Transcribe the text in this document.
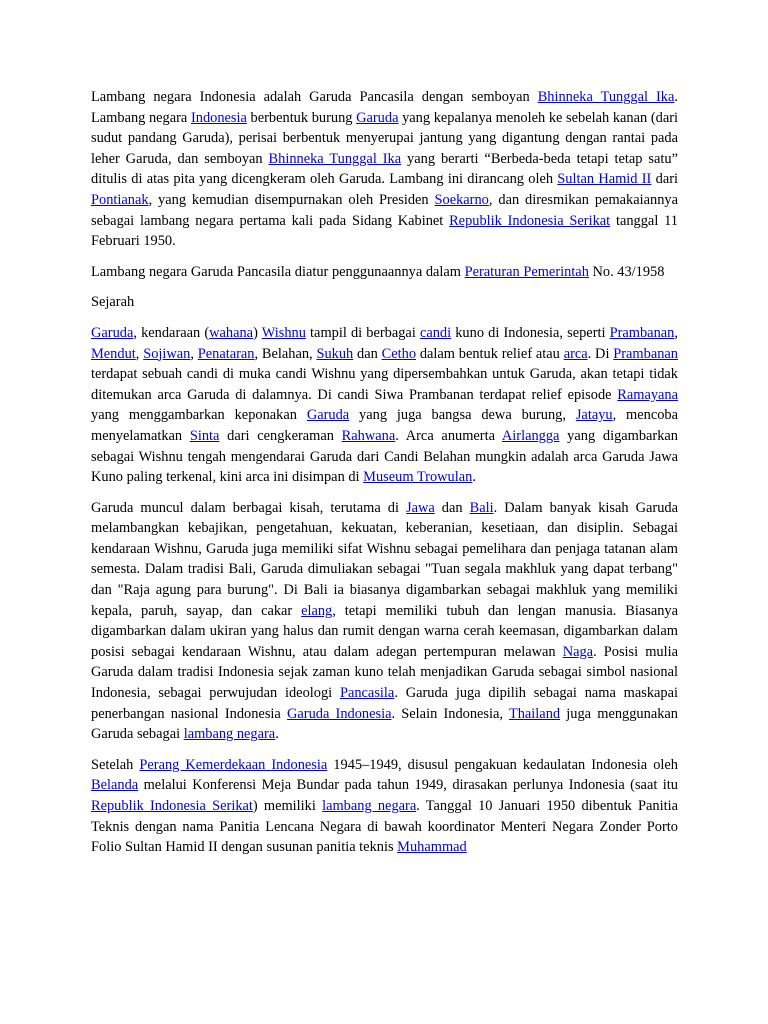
Lambang negara Indonesia adalah Garuda Pancasila dengan semboyan Bhinneka Tunggal Ika. Lambang negara Indonesia berbentuk burung Garuda yang kepalanya menoleh ke sebelah kanan (dari sudut pandang Garuda), perisai berbentuk menyerupai jantung yang digantung dengan rantai pada leher Garuda, dan semboyan Bhinneka Tunggal Ika yang berarti “Berbeda-beda tetapi tetap satu” ditulis di atas pita yang dicengkeram oleh Garuda. Lambang ini dirancang oleh Sultan Hamid II dari Pontianak, yang kemudian disempurnakan oleh Presiden Soekarno, dan diresmikan pemakaiannya sebagai lambang negara pertama kali pada Sidang Kabinet Republik Indonesia Serikat tanggal 11 Februari 1950.

Lambang negara Garuda Pancasila diatur penggunaannya dalam Peraturan Pemerintah No. 43/1958

Sejarah

Garuda, kendaraan (wahana) Wishnu tampil di berbagai candi kuno di Indonesia, seperti Prambanan, Mendut, Sojiwan, Penataran, Belahan, Sukuh dan Cetho dalam bentuk relief atau arca. Di Prambanan terdapat sebuah candi di muka candi Wishnu yang dipersembahkan untuk Garuda, akan tetapi tidak ditemukan arca Garuda di dalamnya. Di candi Siwa Prambanan terdapat relief episode Ramayana yang menggambarkan keponakan Garuda yang juga bangsa dewa burung, Jatayu, mencoba menyelamatkan Sinta dari cengkeraman Rahwana. Arca anumerta Airlangga yang digambarkan sebagai Wishnu tengah mengendarai Garuda dari Candi Belahan mungkin adalah arca Garuda Jawa Kuno paling terkenal, kini arca ini disimpan di Museum Trowulan.

Garuda muncul dalam berbagai kisah, terutama di Jawa dan Bali. Dalam banyak kisah Garuda melambangkan kebajikan, pengetahuan, kekuatan, keberanian, kesetiaan, dan disiplin. Sebagai kendaraan Wishnu, Garuda juga memiliki sifat Wishnu sebagai pemelihara dan penjaga tatanan alam semesta. Dalam tradisi Bali, Garuda dimuliakan sebagai "Tuan segala makhluk yang dapat terbang" dan "Raja agung para burung". Di Bali ia biasanya digambarkan sebagai makhluk yang memiliki kepala, paruh, sayap, dan cakar elang, tetapi memiliki tubuh dan lengan manusia. Biasanya digambarkan dalam ukiran yang halus dan rumit dengan warna cerah keemasan, digambarkan dalam posisi sebagai kendaraan Wishnu, atau dalam adegan pertempuran melawan Naga. Posisi mulia Garuda dalam tradisi Indonesia sejak zaman kuno telah menjadikan Garuda sebagai simbol nasional Indonesia, sebagai perwujudan ideologi Pancasila. Garuda juga dipilih sebagai nama maskapai penerbangan nasional Indonesia Garuda Indonesia. Selain Indonesia, Thailand juga menggunakan Garuda sebagai lambang negara.

Setelah Perang Kemerdekaan Indonesia 1945–1949, disusul pengakuan kedaulatan Indonesia oleh Belanda melalui Konferensi Meja Bundar pada tahun 1949, dirasakan perlunya Indonesia (saat itu Republik Indonesia Serikat) memiliki lambang negara. Tanggal 10 Januari 1950 dibentuk Panitia Teknis dengan nama Panitia Lencana Negara di bawah koordinator Menteri Negara Zonder Porto Folio Sultan Hamid II dengan susunan panitia teknis Muhammad
